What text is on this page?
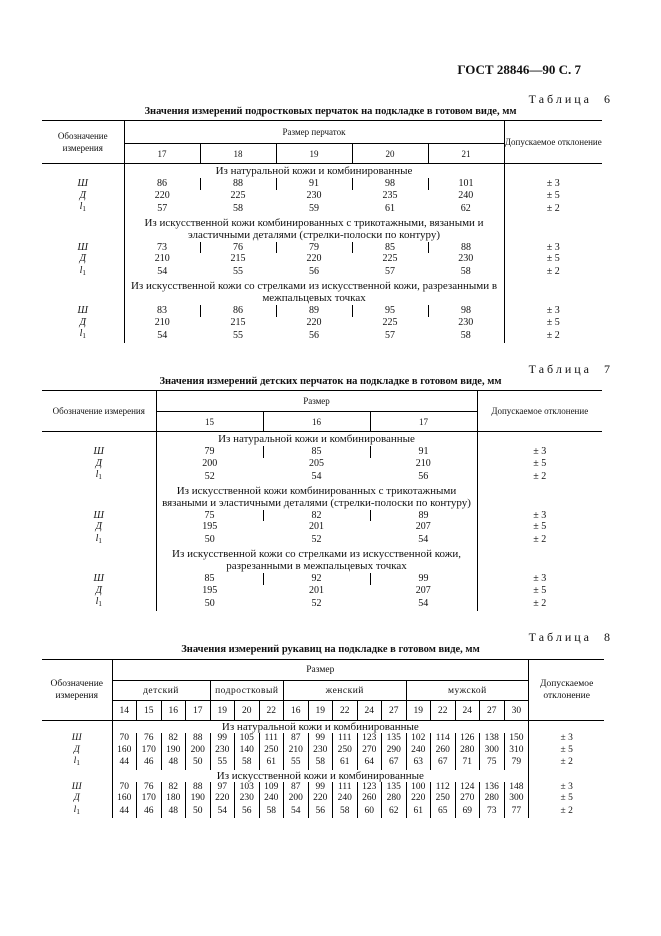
ГОСТ 28846—90 С. 7
Таблица 6
Значения измерений подростковых перчаток на подкладке в готовом виде, мм
Обозначение измерения	Размер перчаток					Допускаемое отклонение
	17	18	19	20	21	
	Из натуральной кожи и комбинированные					
Ш	86	88	91	98	101	± 3
Д	220	225	230	235	240	± 5
$l_1$	57	58	59	61	62	± 2
	Из искусственной кожи комбинированных с трикотажными, вязаными и эластичными деталями (стрелки-полоски по контуру)					
Ш	73	76	79	85	88	± 3
Д	210	215	220	225	230	± 5
$l_1$	54	55	56	57	58	± 2
	Из искусственной кожи со стрелками из искусственной кожи, разрезанными в межпальцевых точках					
Ш	83	86	89	95	98	± 3
Д	210	215	220	225	230	± 5
$l_1$	54	55	56	57	58	± 2
Таблица 7
Значения измерений детских перчаток на подкладке в готовом виде, мм
Обозначение измерения	Размер			Допускаемое отклонение
	15	16	17	
	Из натуральной кожи и комбинированные			
Ш	79	85	91	± 3
Д	200	205	210	± 5
$l_1$	52	54	56	± 2
	Из искусственной кожи комбинированных с трикотажными вязаными и эластичными деталями (стрелки-полоски по контуру)			
Ш	75	82	89	± 3
Д	195	201	207	± 5
$l_1$	50	52	54	± 2
	Из искусственной кожи со стрелками из искусственной кожи, разрезанными в межпальцевых точках			
Ш	85	92	99	± 3
Д	195	201	207	± 5
$l_1$	50	52	54	± 2
Таблица 8
Значения измерений рукавиц на подкладке в готовом виде, мм
Обозначение измерения	Размер																	Допускаемое отклонение
	детский				подростковый			женский					мужской					
	14	15	16	17	19	20	22	16	19	22	24	27	19	22	24	27	30	
	Из натуральной кожи и комбинированные																	
Ш	70	76	82	88	99	105	111	87	99	111	123	135	102	114	126	138	150	± 3
Д	160	170	190	200	230	140	250	210	230	250	270	290	240	260	280	300	310	± 5
$l_1$	44	46	48	50	55	58	61	55	58	61	64	67	63	67	71	75	79	± 2
	Из искусственной кожи и комбинированные																	
Ш	70	76	82	88	97	103	109	87	99	111	123	135	100	112	124	136	148	± 3
Д	160	170	180	190	220	230	240	200	220	240	260	280	220	250	270	280	300	± 5
$l_1$	44	46	48	50	54	56	58	54	56	58	60	62	61	65	69	73	77	± 2
